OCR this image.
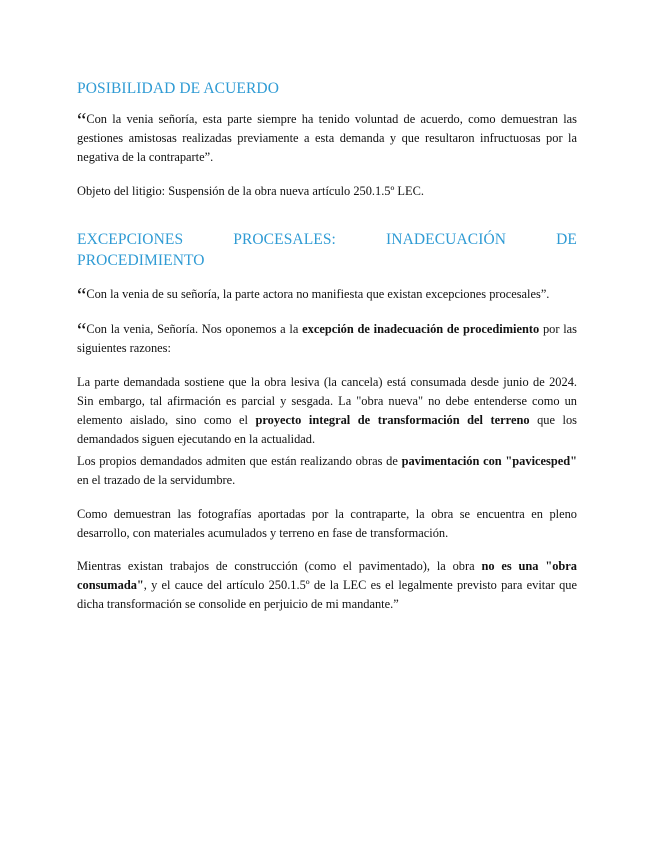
POSIBILIDAD DE ACUERDO

“Con la venia señoría, esta parte siempre ha tenido voluntad de acuerdo, como demuestran las gestiones amistosas realizadas previamente a esta demanda y que resultaron infructuosas por la negativa de la contraparte”.

Objeto del litigio: Suspensión de la obra nueva artículo 250.1.5º LEC.

EXCEPCIONES PROCESALES: INADECUACIÓN DE
PROCEDIMIENTO

“Con la venia de su señoría, la parte actora no manifiesta que existan excepciones procesales”.

“Con la venia, Señoría. Nos oponemos a la excepción de inadecuación de procedimiento por las siguientes razones:

La parte demandada sostiene que la obra lesiva (la cancela) está consumada desde junio de 2024. Sin embargo, tal afirmación es parcial y sesgada. La "obra nueva" no debe entenderse como un elemento aislado, sino como el proyecto integral de transformación del terreno que los demandados siguen ejecutando en la actualidad.

Los propios demandados admiten que están realizando obras de pavimentación con "pavicesped" en el trazado de la servidumbre.

Como demuestran las fotografías aportadas por la contraparte, la obra se encuentra en pleno desarrollo, con materiales acumulados y terreno en fase de transformación.

Mientras existan trabajos de construcción (como el pavimentado), la obra no es una "obra consumada", y el cauce del artículo 250.1.5º de la LEC es el legalmente previsto para evitar que dicha transformación se consolide en perjuicio de mi mandante.”
